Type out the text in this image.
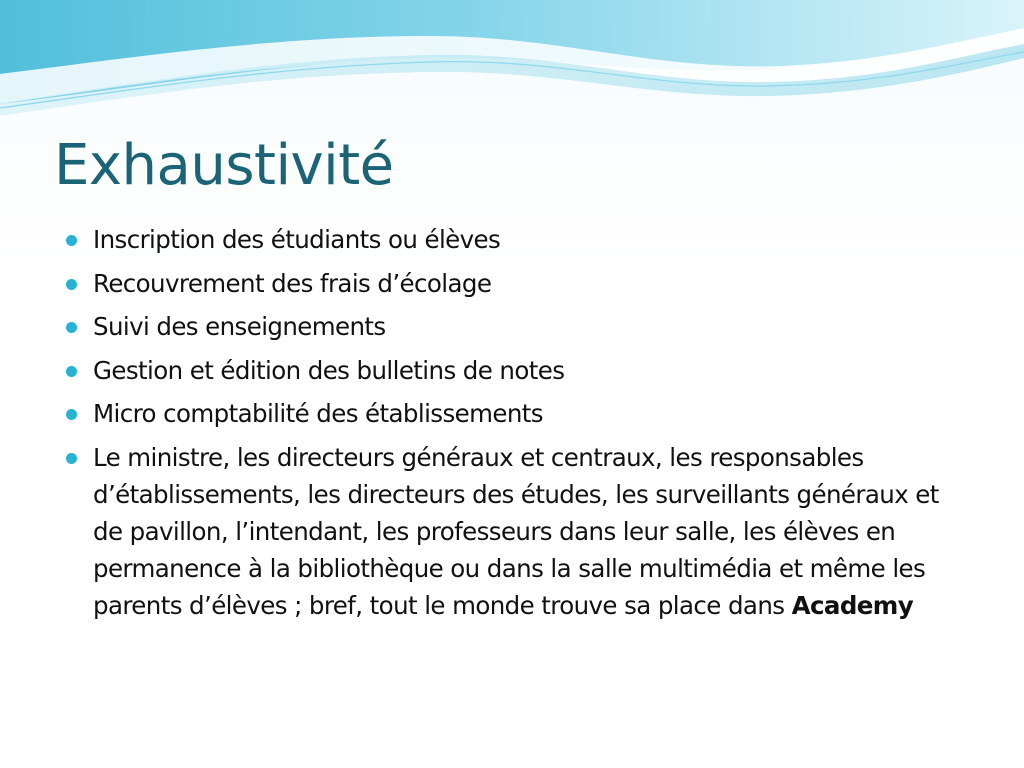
Exhaustivité
Inscription des étudiants ou élèves
Recouvrement des frais d’écolage
Suivi des enseignements
Gestion et édition des bulletins de notes
Micro comptabilité des établissements
Le ministre, les directeurs généraux et centraux, les responsables d’établissements, les directeurs des études, les surveillants généraux et de pavillon, l’intendant, les professeurs dans leur salle, les élèves en permanence à la bibliothèque ou dans la salle multimédia et même les parents d’élèves ; bref, tout le monde trouve sa place dans Academy
